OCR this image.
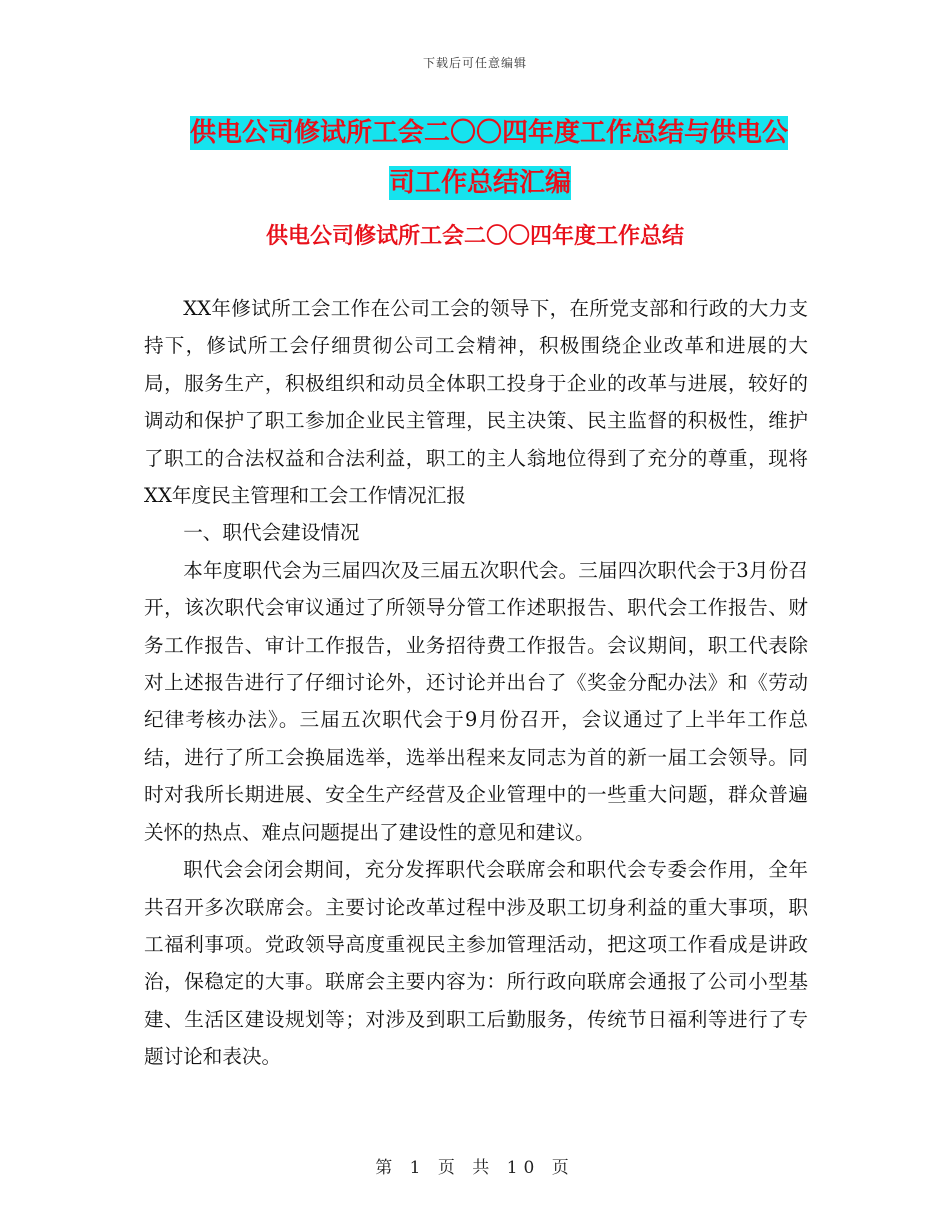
下载后可任意编辑
供电公司修试所工会二〇〇四年度工作总结与供电公
司工作总结汇编
供电公司修试所工会二〇〇四年度工作总结

XX年修试所工会工作在公司工会的领导下，在所党支部和行政的大力支持下，修试所工会仔细贯彻公司工会精神，积极围绕企业改革和进展的大局，服务生产，积极组织和动员全体职工投身于企业的改革与进展，较好的调动和保护了职工参加企业民主管理，民主决策、民主监督的积极性，维护了职工的合法权益和合法利益，职工的主人翁地位得到了充分的尊重，现将XX年度民主管理和工会工作情况汇报

一、职代会建设情况

本年度职代会为三届四次及三届五次职代会。三届四次职代会于3月份召开，该次职代会审议通过了所领导分管工作述职报告、职代会工作报告、财务工作报告、审计工作报告，业务招待费工作报告。会议期间，职工代表除对上述报告进行了仔细讨论外，还讨论并出台了《奖金分配办法》和《劳动纪律考核办法》。三届五次职代会于9月份召开，会议通过了上半年工作总结，进行了所工会换届选举，选举出程来友同志为首的新一届工会领导。同时对我所长期进展、安全生产经营及企业管理中的一些重大问题，群众普遍关怀的热点、难点问题提出了建设性的意见和建议。

职代会会闭会期间，充分发挥职代会联席会和职代会专委会作用，全年共召开多次联席会。主要讨论改革过程中涉及职工切身利益的重大事项，职工福利事项。党政领导高度重视民主参加管理活动，把这项工作看成是讲政治，保稳定的大事。联席会主要内容为：所行政向联席会通报了公司小型基建、生活区建设规划等；对涉及到职工后勤服务，传统节日福利等进行了专题讨论和表决。

第 1 页 共 10 页
